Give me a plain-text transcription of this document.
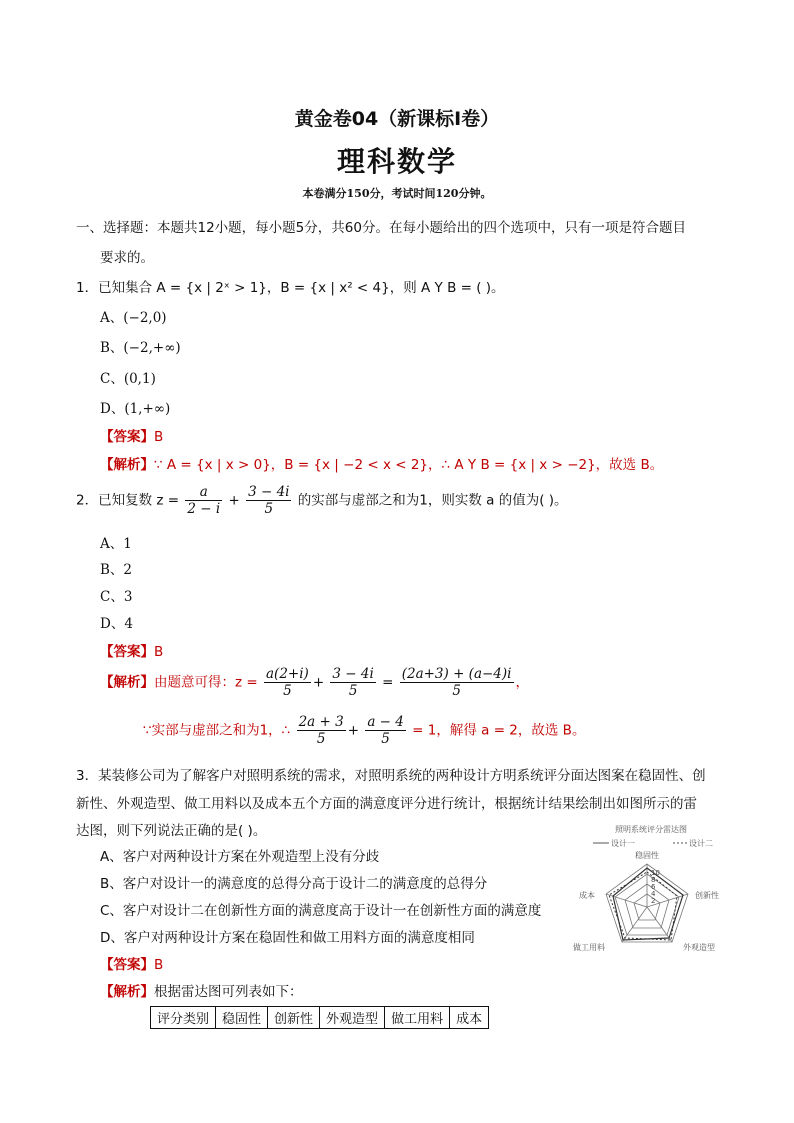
黄金卷04（新课标Ⅰ卷）
理科数学
本卷满分150分，考试时间120分钟。
一、选择题：本题共12小题，每小题5分，共60分。在每小题给出的四个选项中，只有一项是符合题目
要求的。
1．已知集合 A = {x | 2ˣ > 1}，B = {x | x² < 4}，则 A Y B = ( )。
A、(−2,0)
B、(−2,+∞)
C、(0,1)
D、(1,+∞)
【答案】B
【解析】∵ A = {x | x > 0}，B = {x | −2 < x < 2}，∴ A Y B = {x | x > −2}，故选 B。
2．已知复数 $z = \frac{a}{2 - i} + \frac{3 - 4i}{5}$ 的实部与虚部之和为1，则实数 a 的值为( )。
A、1
B、2
C、3
D、4
【答案】B
【解析】由题意可得：$z = \frac{a(2+i)}{5} + \frac{3 - 4i}{5} = \frac{(2a+3) + (a-4)i}{5}$ ，
∵实部与虚部之和为1，∴ $\frac{2a + 3}{5} + \frac{a - 4}{5} = 1$，解得 a = 2，故选 B。
3．某装修公司为了解客户对照明系统的需求，对照明系统的两种设计方明系统评分面达图案在稳固性、创
新性、外观造型、做工用料以及成本五个方面的满意度评分进行统计，根据统计结果绘制出如图所示的雷
达图，则下列说法正确的是( )。
A、客户对两种设计方案在外观造型上没有分歧
B、客户对设计一的满意度的总得分高于设计二的满意度的总得分
C、客户对设计二在创新性方面的满意度高于设计一在创新性方面的满意度
D、客户对两种设计方案在稳固性和做工用料方面的满意度相同
【答案】B
【解析】根据雷达图可列表如下：
评分类别	稳固性	创新性	外观造型	做工用料	成本
照明系统评分雷达图
设计一	设计二
稳固性
创新性
外观造型
做工用料
成本
10
8
6
4
2
